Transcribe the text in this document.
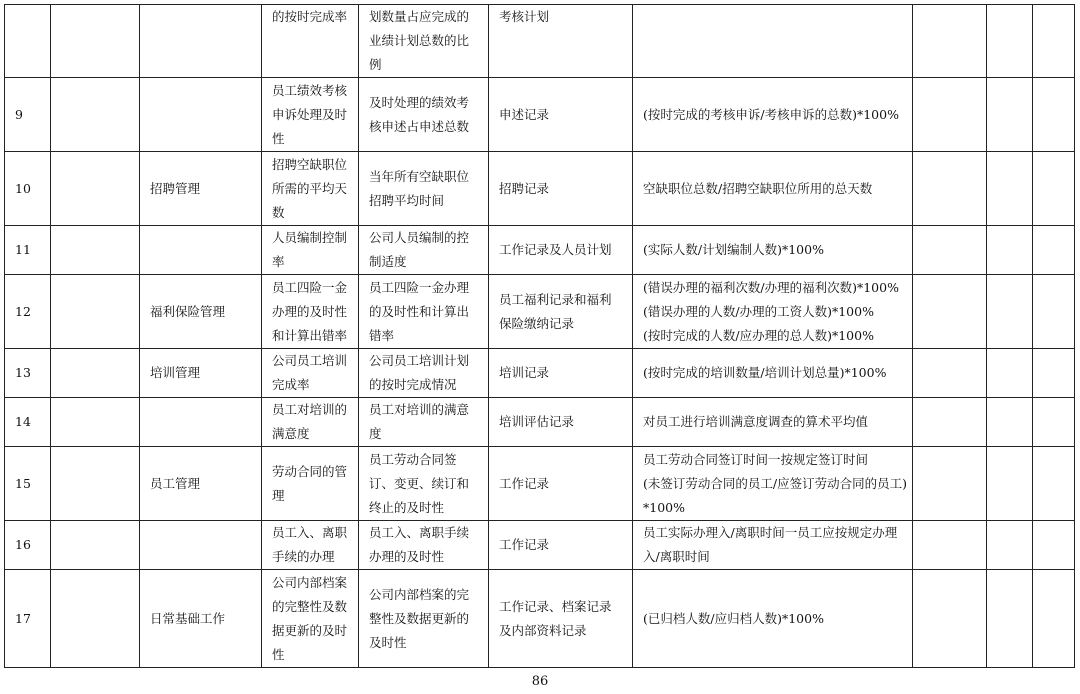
			的按时完成率	划数量占应完成的业绩计划总数的比例	考核计划				
9			员工绩效考核申诉处理及时性	及时处理的绩效考核申述占申述总数	申述记录	(按时完成的考核申诉/考核申诉的总数)*100%			
10		招聘管理	招聘空缺职位所需的平均天数	当年所有空缺职位招聘平均时间	招聘记录	空缺职位总数/招聘空缺职位所用的总天数			
11			人员编制控制率	公司人员编制的控制适度	工作记录及人员计划	(实际人数/计划编制人数)*100%			
12		福利保险管理	员工四险一金办理的及时性和计算出错率	员工四险一金办理的及时性和计算出错率	员工福利记录和福利保险缴纳记录	(错误办理的福利次数/办理的福利次数)*100%
(错误办理的人数/办理的工资人数)*100%
(按时完成的人数/应办理的总人数)*100%			
13		培训管理	公司员工培训完成率	公司员工培训计划的按时完成情况	培训记录	(按时完成的培训数量/培训计划总量)*100%			
14			员工对培训的满意度	员工对培训的满意度	培训评估记录	对员工进行培训满意度调查的算术平均值			
15		员工管理	劳动合同的管理	员工劳动合同签订、变更、续订和终止的及时性	工作记录	员工劳动合同签订时间一按规定签订时间
(未签订劳动合同的员工/应签订劳动合同的员工)*100%			
16			员工入、离职手续的办理	员工入、离职手续办理的及时性	工作记录	员工实际办理入/离职时间一员工应按规定办理入/离职时间			
17		日常基础工作	公司内部档案的完整性及数据更新的及时性	公司内部档案的完整性及数据更新的及时性	工作记录、档案记录及内部资料记录	(已归档人数/应归档人数)*100%			
86
